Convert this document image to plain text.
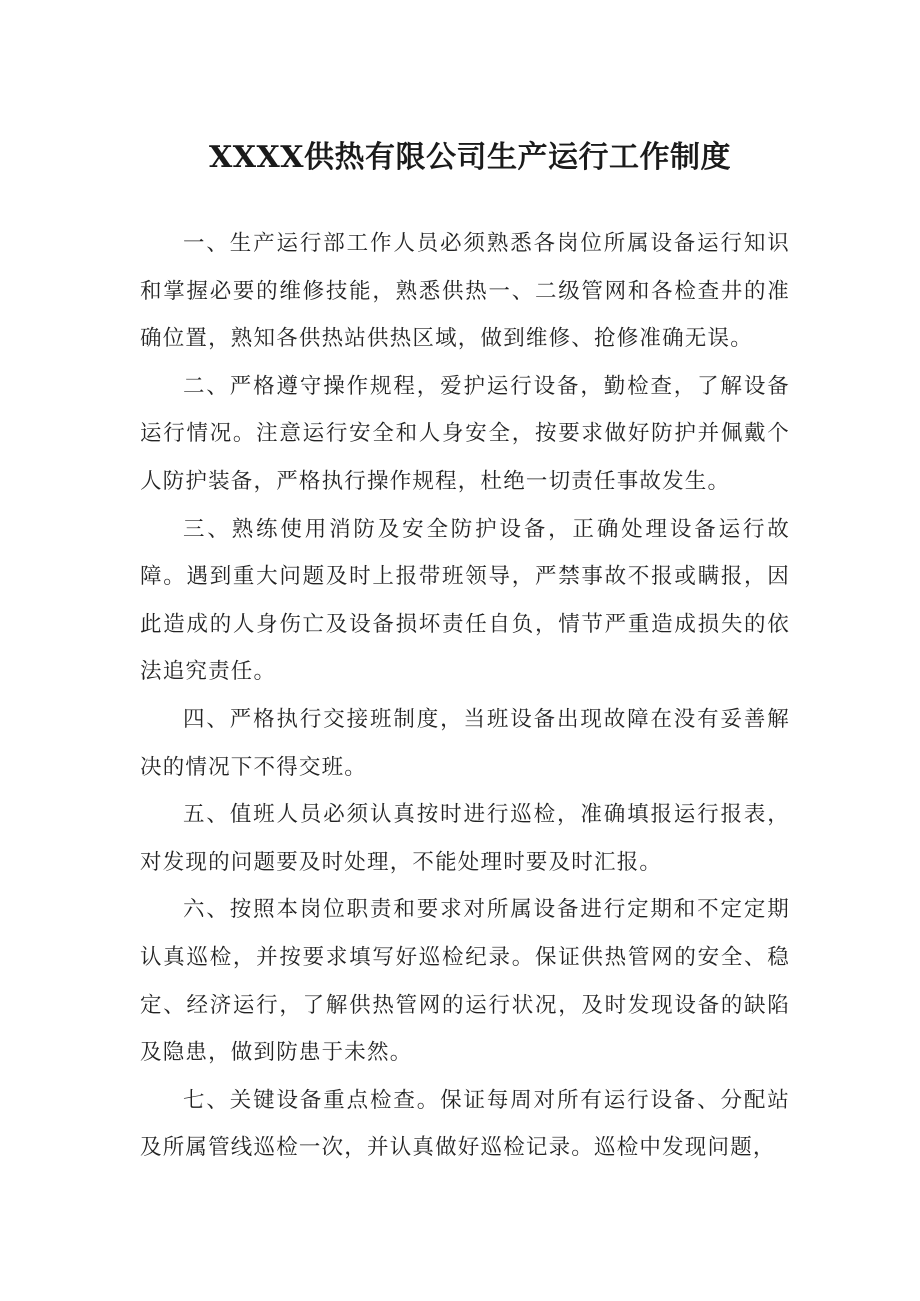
XXXX供热有限公司生产运行工作制度

一、生产运行部工作人员必须熟悉各岗位所属设备运行知识和掌握必要的维修技能，熟悉供热一、二级管网和各检查井的准确位置，熟知各供热站供热区域，做到维修、抢修准确无误。

二、严格遵守操作规程，爱护运行设备，勤检查，了解设备运行情况。注意运行安全和人身安全，按要求做好防护并佩戴个人防护装备，严格执行操作规程，杜绝一切责任事故发生。

三、熟练使用消防及安全防护设备，正确处理设备运行故障。遇到重大问题及时上报带班领导，严禁事故不报或瞒报，因此造成的人身伤亡及设备损坏责任自负，情节严重造成损失的依法追究责任。

四、严格执行交接班制度，当班设备出现故障在没有妥善解决的情况下不得交班。

五、值班人员必须认真按时进行巡检，准确填报运行报表，对发现的问题要及时处理，不能处理时要及时汇报。

六、按照本岗位职责和要求对所属设备进行定期和不定定期认真巡检，并按要求填写好巡检纪录。保证供热管网的安全、稳定、经济运行，了解供热管网的运行状况，及时发现设备的缺陷及隐患，做到防患于未然。

七、关键设备重点检查。保证每周对所有运行设备、分配站及所属管线巡检一次，并认真做好巡检记录。巡检中发现问题，
